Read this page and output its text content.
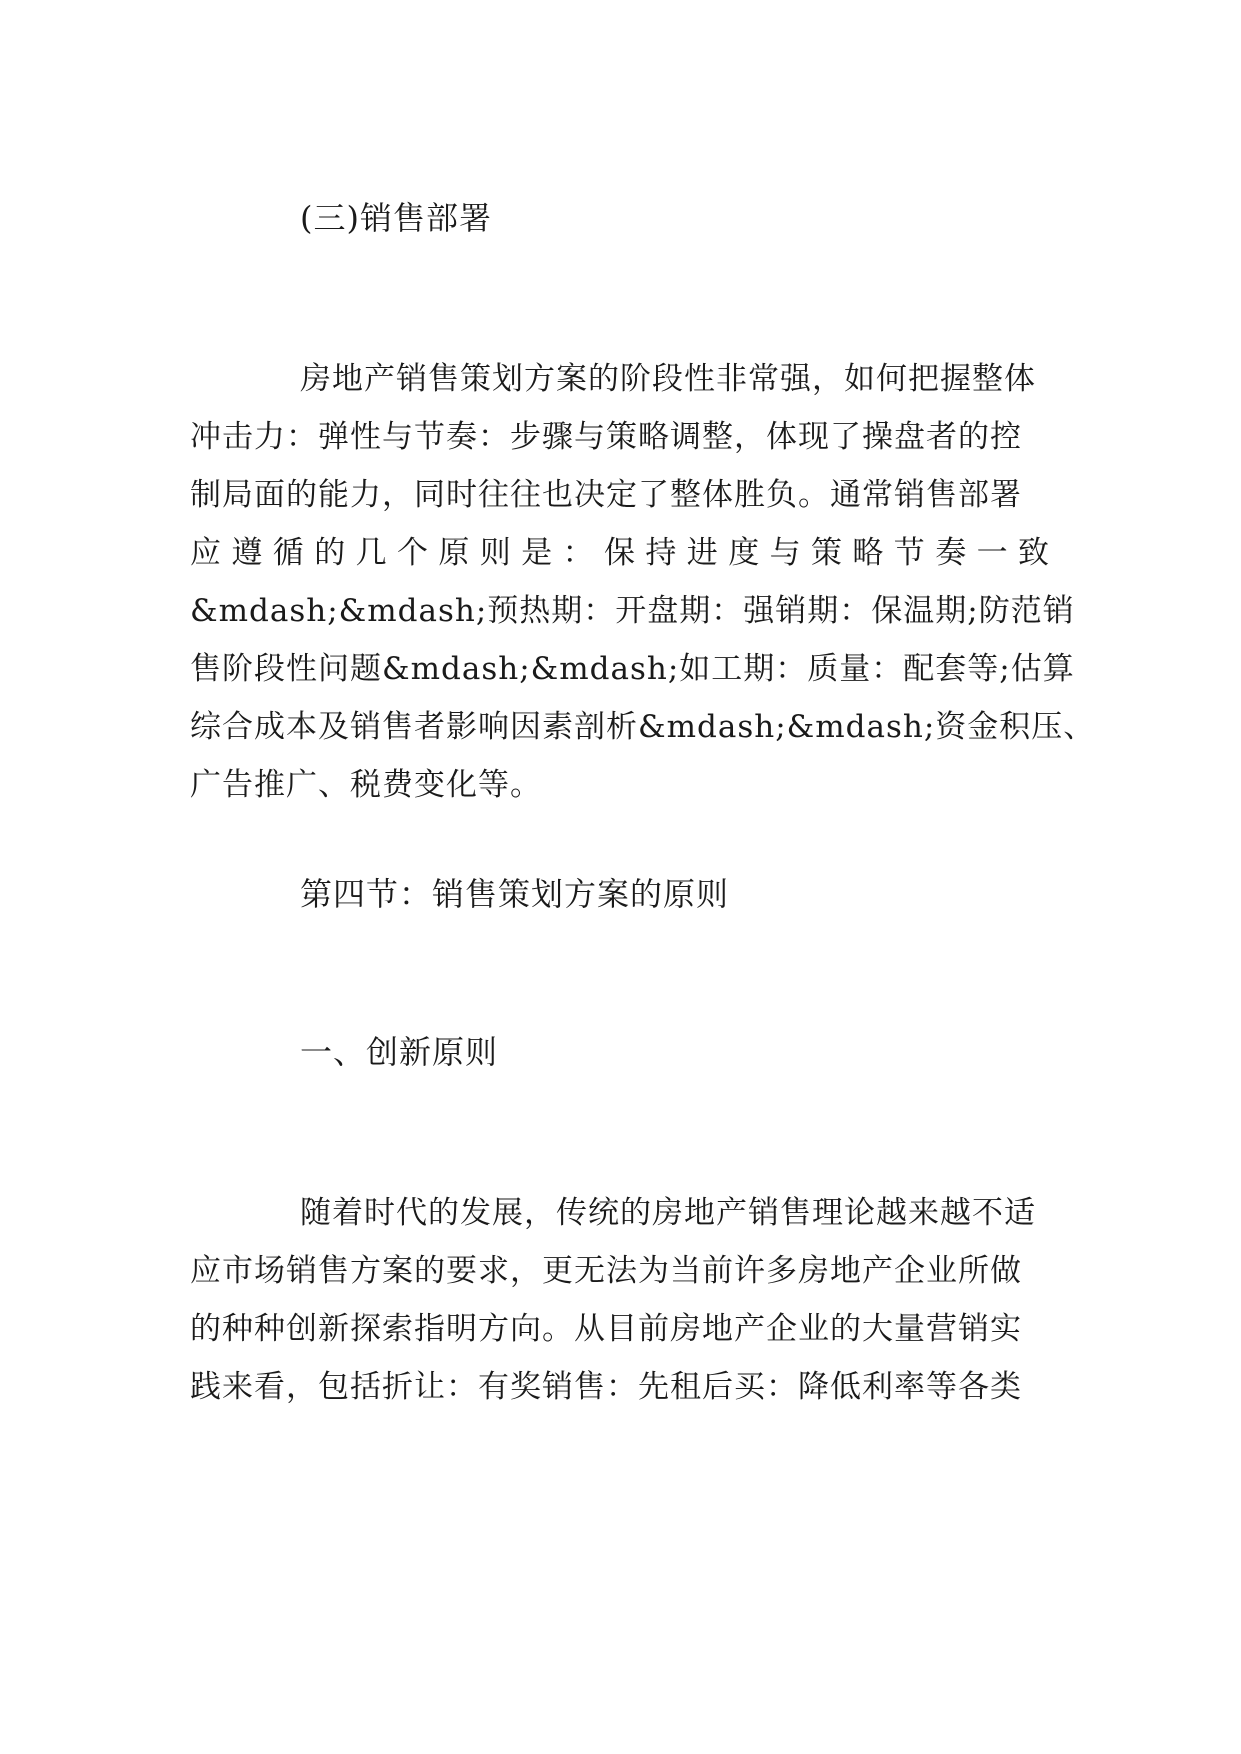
(三)销售部署
房地产销售策划方案的阶段性非常强，如何把握整体
冲击力：弹性与节奏：步骤与策略调整，体现了操盘者的控
制局面的能力，同时往往也决定了整体胜负。通常销售部署
应遵循的几个原则是：保持进度与策略节奏一致
&mdash;&mdash;预热期：开盘期：强销期：保温期;防范销
售阶段性问题&mdash;&mdash;如工期：质量：配套等;估算
综合成本及销售者影响因素剖析&mdash;&mdash;资金积压、
广告推广、税费变化等。
第四节：销售策划方案的原则
一、创新原则
随着时代的发展，传统的房地产销售理论越来越不适
应市场销售方案的要求，更无法为当前许多房地产企业所做
的种种创新探索指明方向。从目前房地产企业的大量营销实
践来看，包括折让：有奖销售：先租后买：降低利率等各类
